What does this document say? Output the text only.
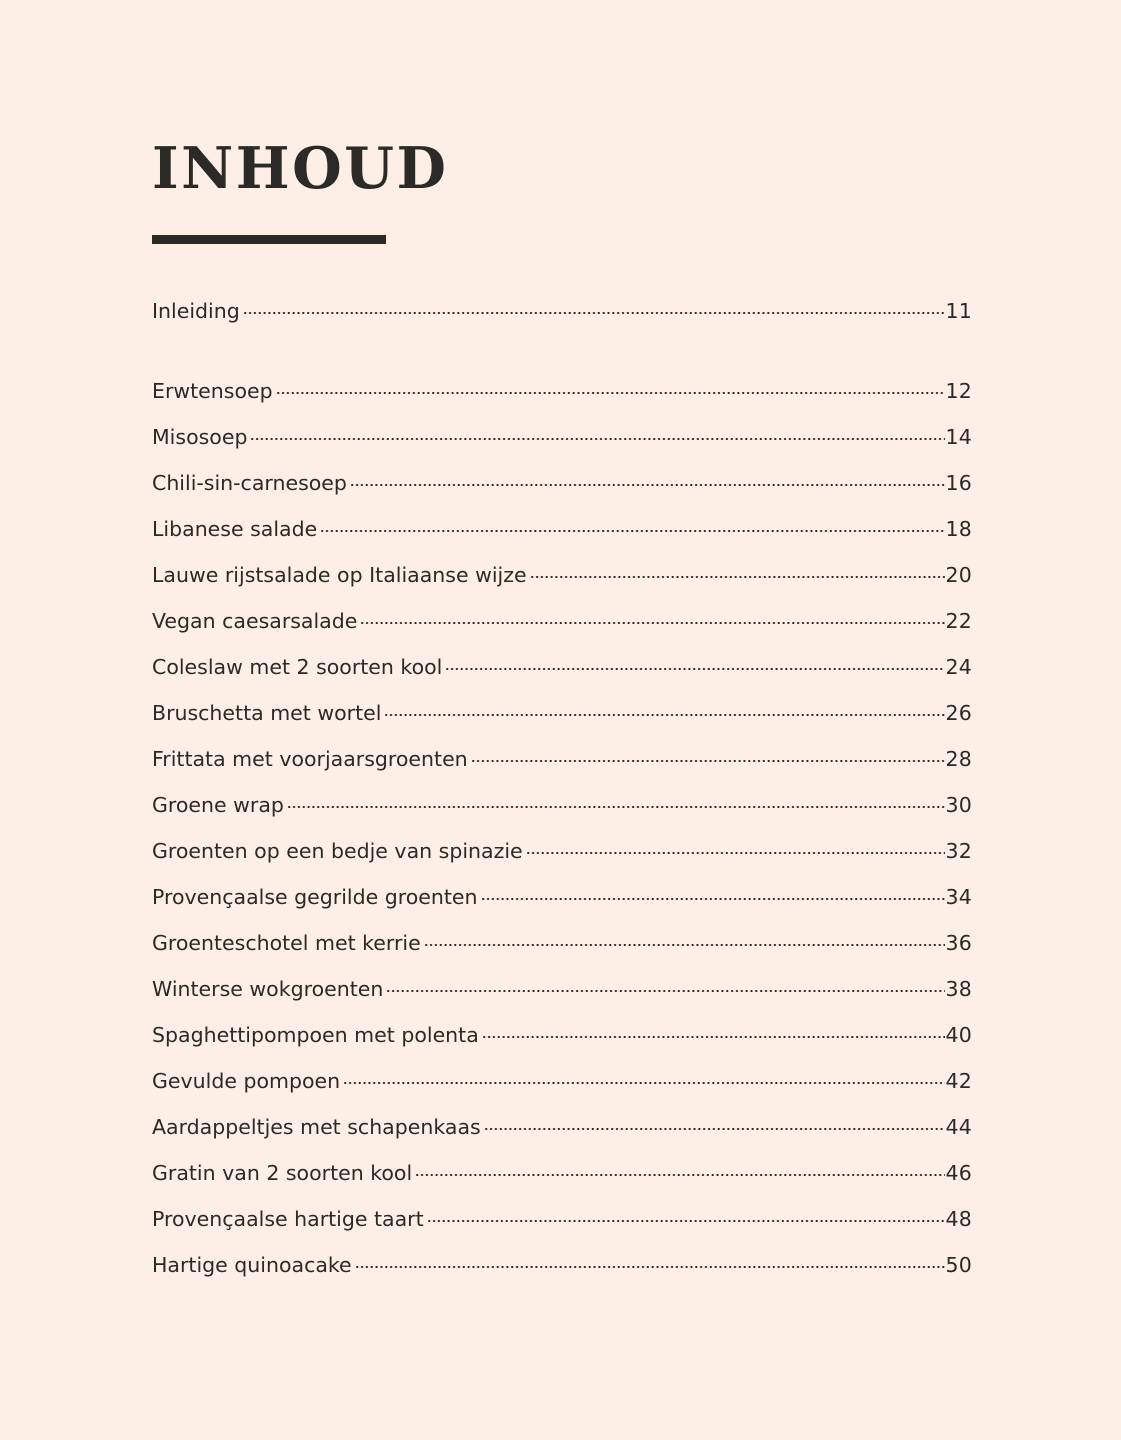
INHOUD
Inleiding	11
Erwtensoep	12
Misosoep	14
Chili-sin-carnesoep	16
Libanese salade	18
Lauwe rijstsalade op Italiaanse wijze	20
Vegan caesarsalade	22
Coleslaw met 2 soorten kool	24
Bruschetta met wortel	26
Frittata met voorjaarsgroenten	28
Groene wrap	30
Groenten op een bedje van spinazie	32
Provençaalse gegrilde groenten	34
Groenteschotel met kerrie	36
Winterse wokgroenten	38
Spaghettipompoen met polenta	40
Gevulde pompoen	42
Aardappeltjes met schapenkaas	44
Gratin van 2 soorten kool	46
Provençaalse hartige taart	48
Hartige quinoacake	50
